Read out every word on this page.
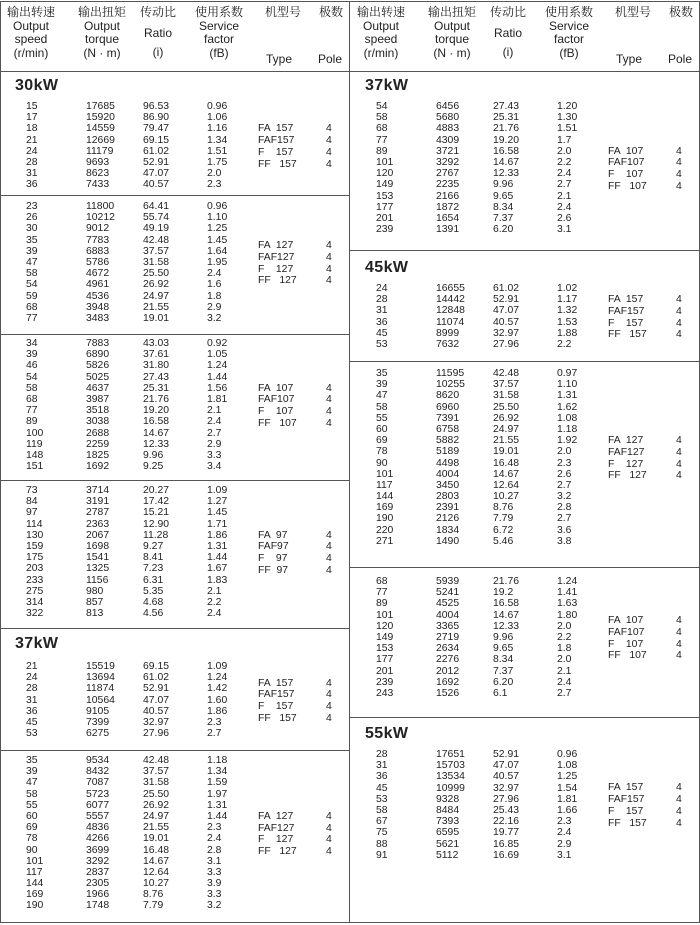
输出转速
Output
speed
(r/min)
输出扭矩
Output
torque
(N · m)
传动比
Ratio
(i)
使用系数
Service
factor
(fB)
机型号
Type
极数
Pole
输出转速
Output
speed
(r/min)
输出扭矩
Output
torque
(N · m)
传动比
Ratio
(i)
使用系数
Service
factor
(fB)
机型号
Type
极数
Pole
30kW
37kW
37kW
45kW
55kW
15	17685	96.53	0.96
17	15920	86.90	1.06
18	14559	79.47	1.16
21	12669	69.15	1.34
24	11179	61.02	1.51
28	9693	52.91	1.75
31	8623	47.07	2.0
36	7433	40.57	2.3
FA  157	4
FAF157	4
F    157	4
FF   157	4
23	11800	64.41	0.96
26	10212	55.74	1.10
30	9012	49.19	1.25
35	7783	42.48	1.45
39	6883	37.57	1.64
47	5786	31.58	1.95
58	4672	25.50	2.4
54	4961	26.92	1.6
59	4536	24.97	1.8
68	3948	21.55	2.9
77	3483	19.01	3.2
FA  127	4
FAF127	4
F    127	4
FF   127	4
34	7883	43.03	0.92
39	6890	37.61	1.05
46	5826	31.80	1.24
54	5025	27.43	1.44
58	4637	25.31	1.56
68	3987	21.76	1.81
77	3518	19.20	2.1
89	3038	16.58	2.4
100	2688	14.67	2.7
119	2259	12.33	2.9
148	1825	9.96	3.3
151	1692	9.25	3.4
FA  107	4
FAF107	4
F    107	4
FF   107	4
73	3714	20.27	1.09
84	3191	17.42	1.27
97	2787	15.21	1.45
114	2363	12.90	1.71
130	2067	11.28	1.86
159	1698	9.27	1.31
175	1541	8.41	1.44
203	1325	7.23	1.67
233	1156	6.31	1.83
275	980	5.35	2.1
314	857	4.68	2.2
322	813	4.56	2.4
FA  97	4
FAF97	4
F    97	4
FF  97	4
21	15519	69.15	1.09
24	13694	61.02	1.24
28	11874	52.91	1.42
31	10564	47.07	1.60
36	9105	40.57	1.86
45	7399	32.97	2.3
53	6275	27.96	2.7
FA  157	4
FAF157	4
F    157	4
FF   157	4
35	9534	42.48	1.18
39	8432	37.57	1.34
47	7087	31.58	1.59
58	5723	25.50	1.97
55	6077	26.92	1.31
60	5557	24.97	1.44
69	4836	21.55	2.3
78	4266	19.01	2.4
90	3699	16.48	2.8
101	3292	14.67	3.1
117	2837	12.64	3.3
144	2305	10.27	3.9
169	1966	8.76	3.3
190	1748	7.79	3.2
FA  127	4
FAF127	4
F    127	4
FF   127	4
54	6456	27.43	1.20
58	5680	25.31	1.30
68	4883	21.76	1.51
77	4309	19.20	1.7
89	3721	16.58	2.0
101	3292	14.67	2.2
120	2767	12.33	2.4
149	2235	9.96	2.7
153	2166	9.65	2.1
177	1872	8.34	2.4
201	1654	7.37	2.6
239	1391	6.20	3.1
FA  107	4
FAF107	4
F    107	4
FF   107	4
24	16655	61.02	1.02
28	14442	52.91	1.17
31	12848	47.07	1.32
36	11074	40.57	1.53
45	8999	32.97	1.88
53	7632	27.96	2.2
FA  157	4
FAF157	4
F    157	4
FF   157	4
35	11595	42.48	0.97
39	10255	37.57	1.10
47	8620	31.58	1.31
58	6960	25.50	1.62
55	7391	26.92	1.08
60	6758	24.97	1.18
69	5882	21.55	1.92
78	5189	19.01	2.0
90	4498	16.48	2.3
101	4004	14.67	2.6
117	3450	12.64	2.7
144	2803	10.27	3.2
169	2391	8.76	2.8
190	2126	7.79	2.7
220	1834	6.72	3.6
271	1490	5.46	3.8
FA  127	4
FAF127	4
F    127	4
FF   127	4
68	5939	21.76	1.24
77	5241	19.2	1.41
89	4525	16.58	1.63
101	4004	14.67	1.80
120	3365	12.33	2.0
149	2719	9.96	2.2
153	2634	9.65	1.8
177	2276	8.34	2.0
201	2012	7.37	2.1
239	1692	6.20	2.4
243	1526	6.1	2.7
FA  107	4
FAF107	4
F    107	4
FF   107	4
28	17651	52.91	0.96
31	15703	47.07	1.08
36	13534	40.57	1.25
45	10999	32.97	1.54
53	9328	27.96	1.81
58	8484	25.43	1.66
67	7393	22.16	2.3
75	6595	19.77	2.4
88	5621	16.85	2.9
91	5112	16.69	3.1
FA  157	4
FAF157	4
F    157	4
FF   157	4
